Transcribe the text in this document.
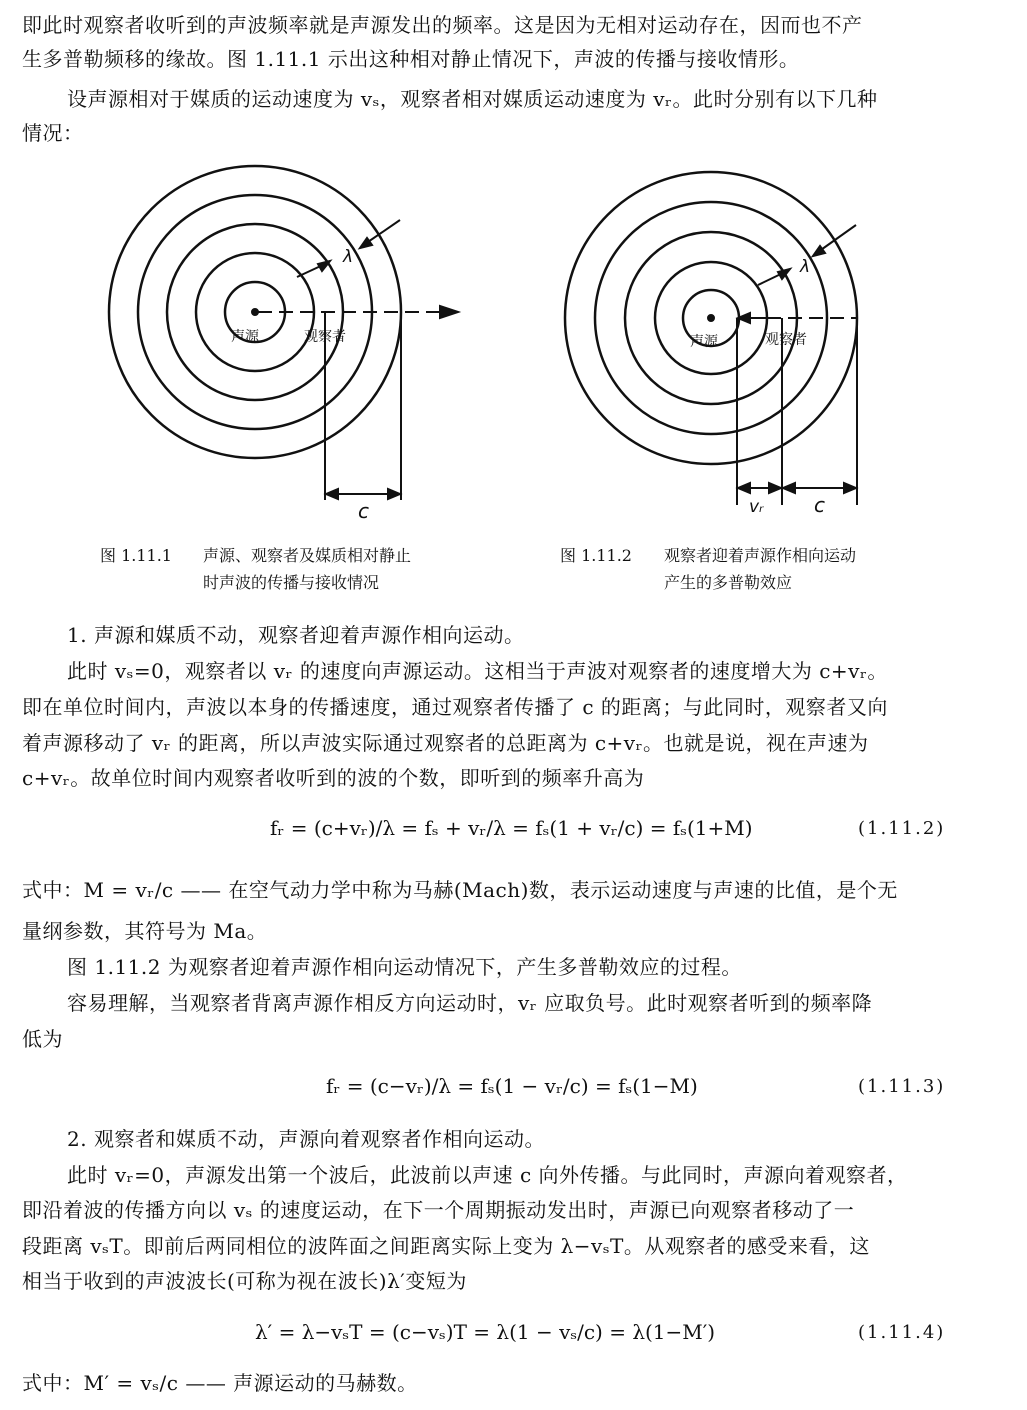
即此时观察者收听到的声波频率就是声源发出的频率。这是因为无相对运动存在，因而也不产
生多普勒频移的缘故。图 1.11.1 示出这种相对静止情况下，声波的传播与接收情形。
设声源相对于媒质的运动速度为 vₛ，观察者相对媒质运动速度为 vᵣ。此时分别有以下几种
情况：
声源	观察者
λ
c
声源	观察者
λ
vᵣ	c
图 1.11.1 声源、观察者及媒质相对静止
时声波的传播与接收情况
图 1.11.2 观察者迎着声源作相向运动
产生的多普勒效应
1. 声源和媒质不动，观察者迎着声源作相向运动。
此时 vₛ=0，观察者以 vᵣ 的速度向声源运动。这相当于声波对观察者的速度增大为 c+vᵣ。
即在单位时间内，声波以本身的传播速度，通过观察者传播了 c 的距离；与此同时，观察者又向
着声源移动了 vᵣ 的距离，所以声波实际通过观察者的总距离为 c+vᵣ。也就是说，视在声速为
c+vᵣ。故单位时间内观察者收听到的波的个数，即听到的频率升高为
fᵣ = (c+vᵣ)/λ = fₛ + vᵣ/λ = fₛ(1 + vᵣ/c) = fₛ(1+M)	(1.11.2)
式中：M = vᵣ/c —— 在空气动力学中称为马赫(Mach)数，表示运动速度与声速的比值，是个无
量纲参数，其符号为 Ma。
图 1.11.2 为观察者迎着声源作相向运动情况下，产生多普勒效应的过程。
容易理解，当观察者背离声源作相反方向运动时，vᵣ 应取负号。此时观察者听到的频率降
低为
fᵣ = (c−vᵣ)/λ = fₛ(1 − vᵣ/c) = fₛ(1−M)	(1.11.3)
2. 观察者和媒质不动，声源向着观察者作相向运动。
此时 vᵣ=0，声源发出第一个波后，此波前以声速 c 向外传播。与此同时，声源向着观察者，
即沿着波的传播方向以 vₛ 的速度运动，在下一个周期振动发出时，声源已向观察者移动了一
段距离 vₛT。即前后两同相位的波阵面之间距离实际上变为 λ−vₛT。从观察者的感受来看，这
相当于收到的声波波长(可称为视在波长)λ′变短为
λ′ = λ−vₛT = (c−vₛ)T = λ(1 − vₛ/c) = λ(1−M′)	(1.11.4)
式中：M′ = vₛ/c —— 声源运动的马赫数。
